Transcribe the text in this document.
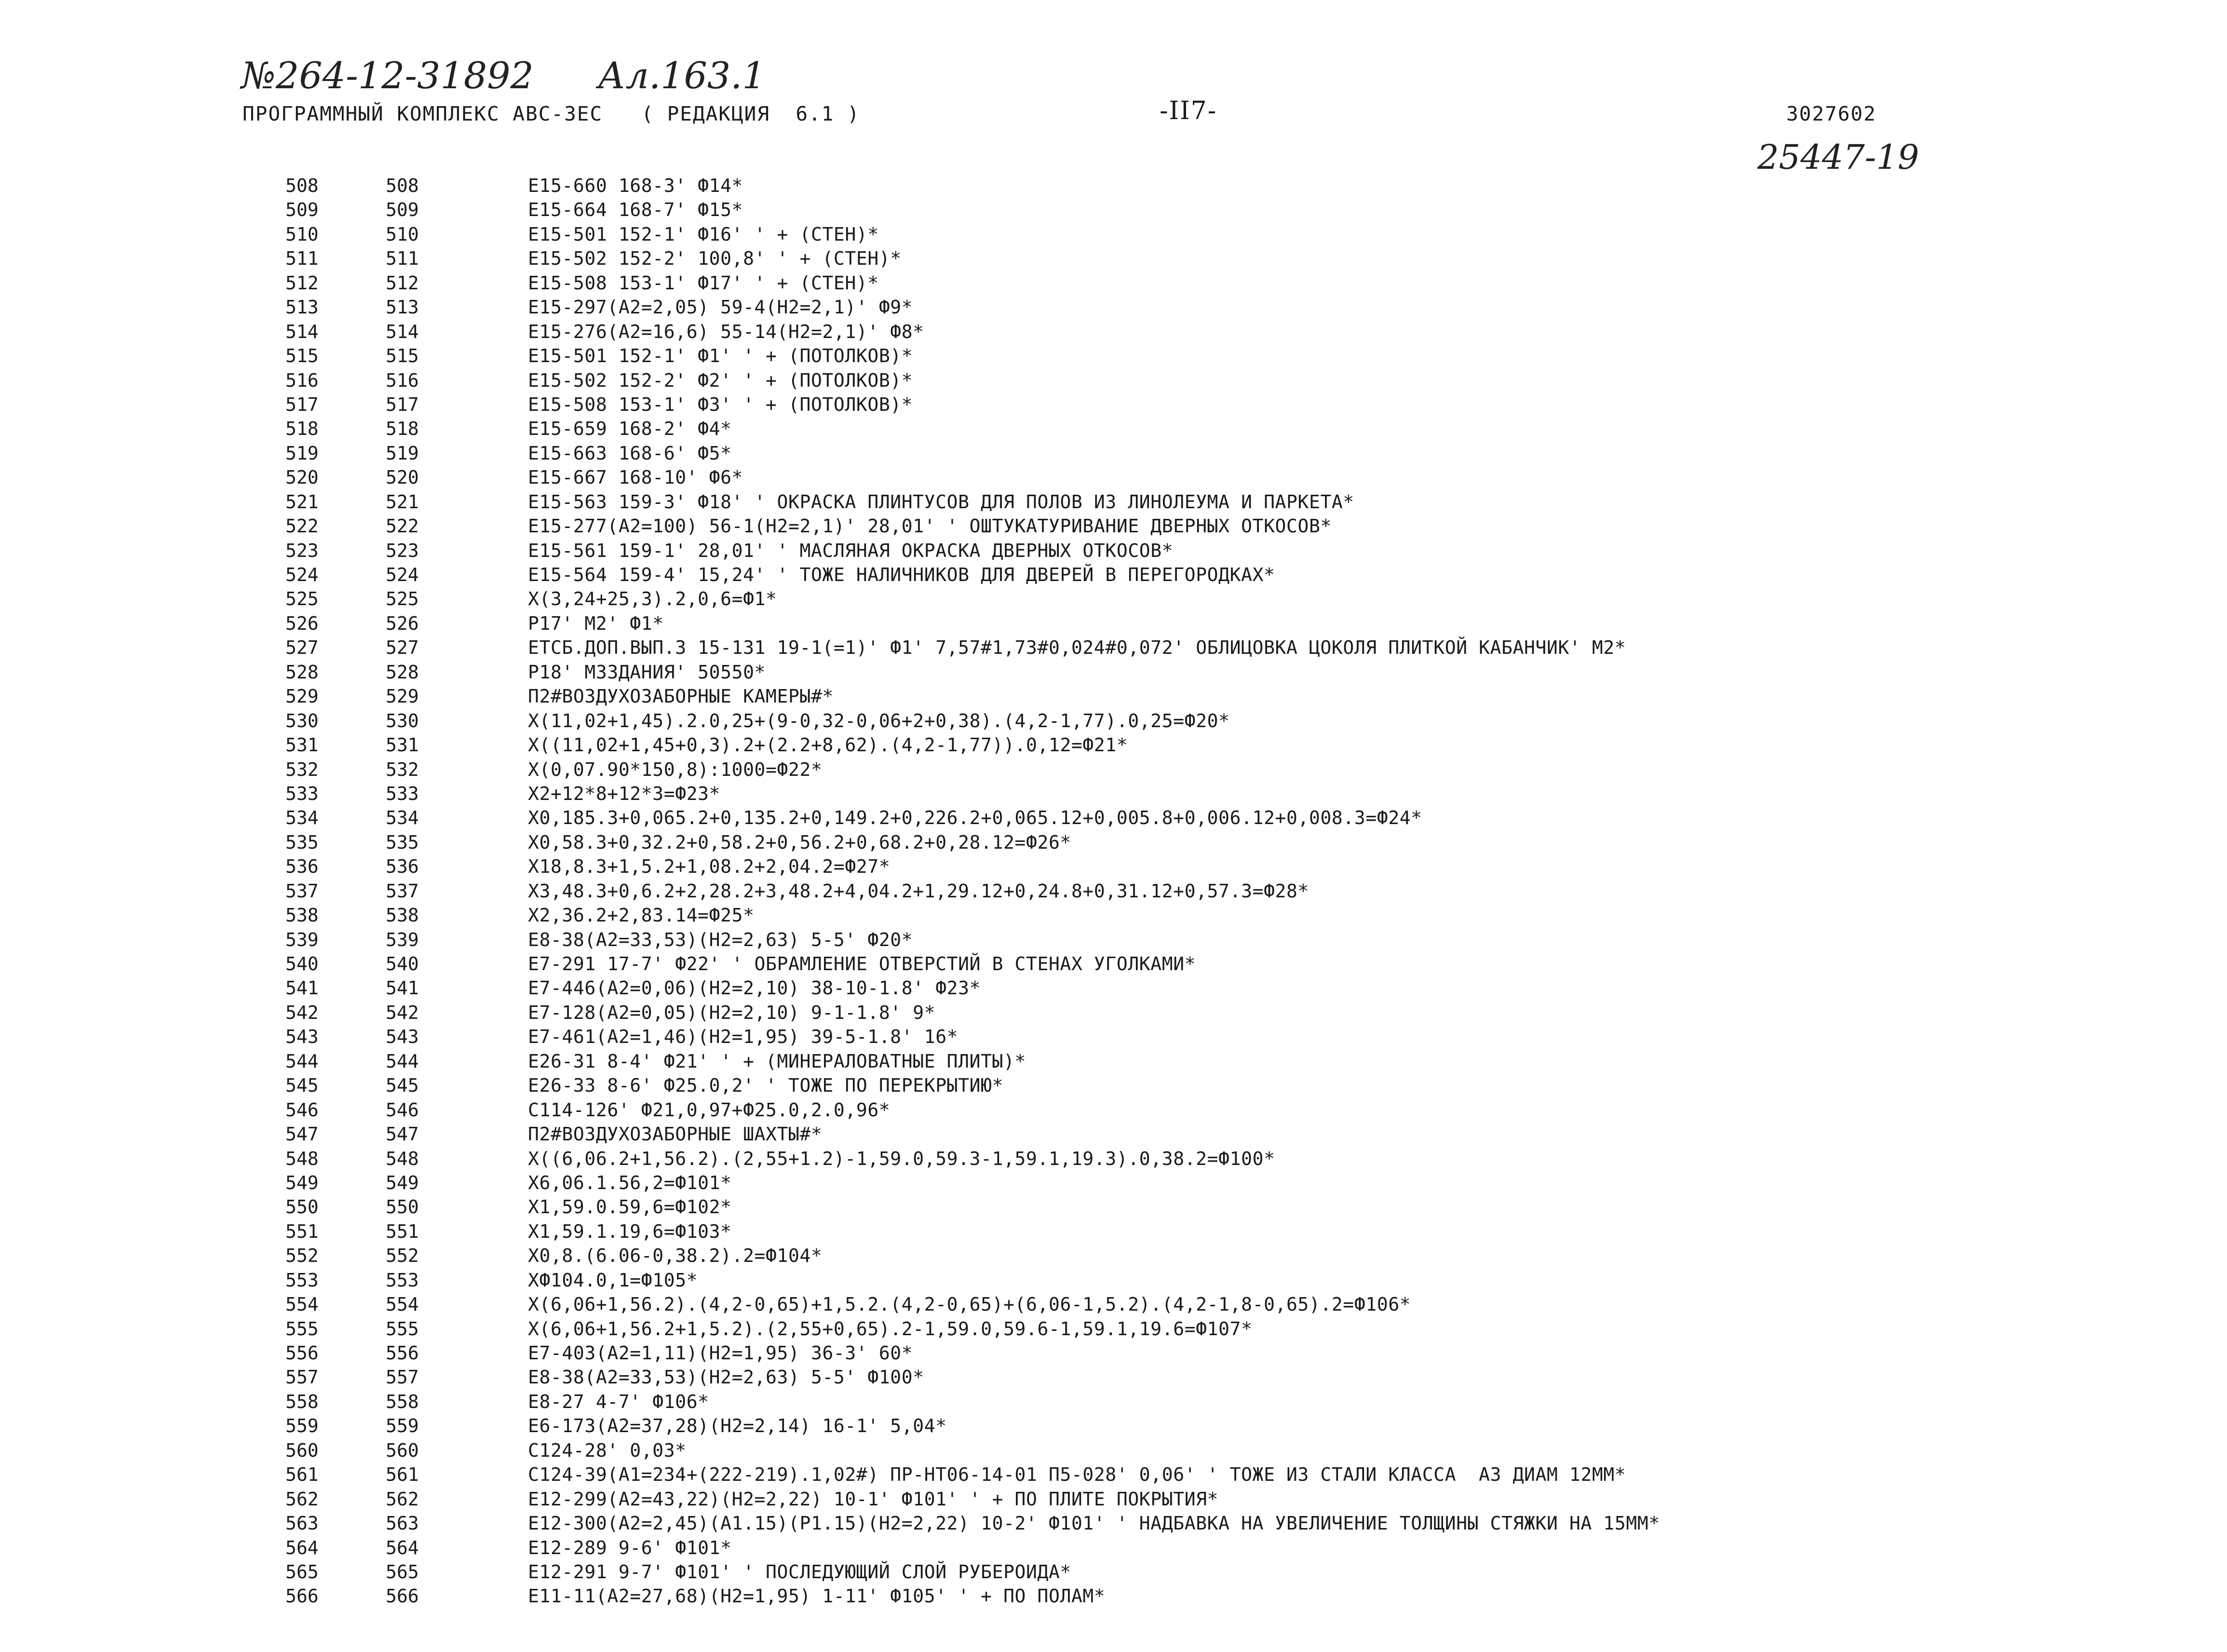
№264-12-31892 Ал.163.1
25447-19
ПРОГРАММНЫЙ КОМПЛЕКС АВС-3ЕС   ( РЕДАКЦИЯ  6.1 )	-II7-	3027602
508	508	Е15-660 168-3' Ф14*
509	509	Е15-664 168-7' Ф15*
510	510	Е15-501 152-1' Ф16' ' + (СТЕН)*
511	511	Е15-502 152-2' 100,8' ' + (СТЕН)*
512	512	Е15-508 153-1' Ф17' ' + (СТЕН)*
513	513	Е15-297(А2=2,05) 59-4(Н2=2,1)' Ф9*
514	514	Е15-276(А2=16,6) 55-14(Н2=2,1)' Ф8*
515	515	Е15-501 152-1' Ф1' ' + (ПОТОЛКОВ)*
516	516	Е15-502 152-2' Ф2' ' + (ПОТОЛКОВ)*
517	517	Е15-508 153-1' Ф3' ' + (ПОТОЛКОВ)*
518	518	Е15-659 168-2' Ф4*
519	519	Е15-663 168-6' Ф5*
520	520	Е15-667 168-10' Ф6*
521	521	Е15-563 159-3' Ф18' ' ОКРАСКА ПЛИНТУСОВ ДЛЯ ПОЛОВ ИЗ ЛИНОЛЕУМА И ПАРКЕТА*
522	522	Е15-277(А2=100) 56-1(Н2=2,1)' 28,01' ' ОШТУКАТУРИВАНИЕ ДВЕРНЫХ ОТКОСОВ*
523	523	Е15-561 159-1' 28,01' ' МАСЛЯНАЯ ОКРАСКА ДВЕРНЫХ ОТКОСОВ*
524	524	Е15-564 159-4' 15,24' ' ТОЖЕ НАЛИЧНИКОВ ДЛЯ ДВЕРЕЙ В ПЕРЕГОРОДКАХ*
525	525	Х(3,24+25,3).2,0,6=Ф1*
526	526	Р17' М2' Ф1*
527	527	ЕТСБ.ДОП.ВЫП.3 15-131 19-1(=1)' Ф1' 7,57#1,73#0,024#0,072' ОБЛИЦОВКА ЦОКОЛЯ ПЛИТКОЙ КАБАНЧИК' М2*
528	528	Р18' М3ЗДАНИЯ' 50550*
529	529	П2#ВОЗДУХОЗАБОРНЫЕ КАМЕРЫ#*
530	530	Х(11,02+1,45).2.0,25+(9-0,32-0,06+2+0,38).(4,2-1,77).0,25=Ф20*
531	531	Х((11,02+1,45+0,3).2+(2.2+8,62).(4,2-1,77)).0,12=Ф21*
532	532	Х(0,07.90*150,8):1000=Ф22*
533	533	Х2+12*8+12*3=Ф23*
534	534	Х0,185.3+0,065.2+0,135.2+0,149.2+0,226.2+0,065.12+0,005.8+0,006.12+0,008.3=Ф24*
535	535	Х0,58.3+0,32.2+0,58.2+0,56.2+0,68.2+0,28.12=Ф26*
536	536	Х18,8.3+1,5.2+1,08.2+2,04.2=Ф27*
537	537	Х3,48.3+0,6.2+2,28.2+3,48.2+4,04.2+1,29.12+0,24.8+0,31.12+0,57.3=Ф28*
538	538	Х2,36.2+2,83.14=Ф25*
539	539	Е8-38(А2=33,53)(Н2=2,63) 5-5' Ф20*
540	540	Е7-291 17-7' Ф22' ' ОБРАМЛЕНИЕ ОТВЕРСТИЙ В СТЕНАХ УГОЛКАМИ*
541	541	Е7-446(А2=0,06)(Н2=2,10) 38-10-1.8' Ф23*
542	542	Е7-128(А2=0,05)(Н2=2,10) 9-1-1.8' 9*
543	543	Е7-461(А2=1,46)(Н2=1,95) 39-5-1.8' 16*
544	544	Е26-31 8-4' Ф21' ' + (МИНЕРАЛОВАТНЫЕ ПЛИТЫ)*
545	545	Е26-33 8-6' Ф25.0,2' ' ТОЖЕ ПО ПЕРЕКРЫТИЮ*
546	546	С114-126' Ф21,0,97+Ф25.0,2.0,96*
547	547	П2#ВОЗДУХОЗАБОРНЫЕ ШАХТЫ#*
548	548	Х((6,06.2+1,56.2).(2,55+1.2)-1,59.0,59.3-1,59.1,19.3).0,38.2=Ф100*
549	549	Х6,06.1.56,2=Ф101*
550	550	Х1,59.0.59,6=Ф102*
551	551	Х1,59.1.19,6=Ф103*
552	552	Х0,8.(6.06-0,38.2).2=Ф104*
553	553	ХФ104.0,1=Ф105*
554	554	Х(6,06+1,56.2).(4,2-0,65)+1,5.2.(4,2-0,65)+(6,06-1,5.2).(4,2-1,8-0,65).2=Ф106*
555	555	Х(6,06+1,56.2+1,5.2).(2,55+0,65).2-1,59.0,59.6-1,59.1,19.6=Ф107*
556	556	Е7-403(А2=1,11)(Н2=1,95) 36-3' 60*
557	557	Е8-38(А2=33,53)(Н2=2,63) 5-5' Ф100*
558	558	Е8-27 4-7' Ф106*
559	559	Е6-173(А2=37,28)(Н2=2,14) 16-1' 5,04*
560	560	С124-28' 0,03*
561	561	С124-39(А1=234+(222-219).1,02#) ПР-НТ06-14-01 П5-028' 0,06' ' ТОЖЕ ИЗ СТАЛИ КЛАССА  А3 ДИАМ 12ММ*
562	562	Е12-299(А2=43,22)(Н2=2,22) 10-1' Ф101' ' + ПО ПЛИТЕ ПОКРЫТИЯ*
563	563	Е12-300(А2=2,45)(А1.15)(Р1.15)(Н2=2,22) 10-2' Ф101' ' НАДБАВКА НА УВЕЛИЧЕНИЕ ТОЛЩИНЫ СТЯЖКИ НА 15ММ*
564	564	Е12-289 9-6' Ф101*
565	565	Е12-291 9-7' Ф101' ' ПОСЛЕДУЮЩИЙ СЛОЙ РУБЕРОИДА*
566	566	Е11-11(А2=27,68)(Н2=1,95) 1-11' Ф105' ' + ПО ПОЛАМ*
